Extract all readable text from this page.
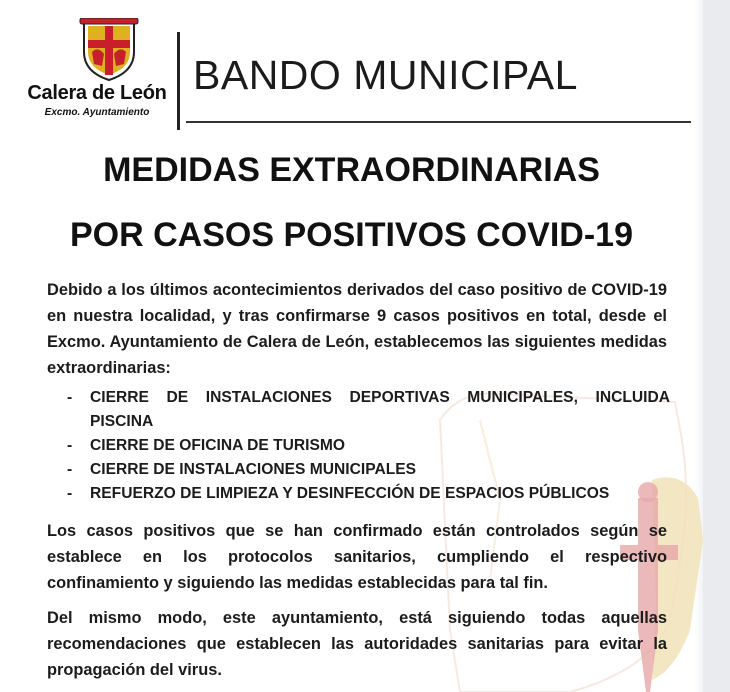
Calera de León
Excmo. Ayuntamiento
BANDO MUNICIPAL
MEDIDAS EXTRAORDINARIAS
POR CASOS POSITIVOS COVID-19

Debido a los últimos acontecimientos derivados del caso positivo de COVID-19 en nuestra localidad, y tras confirmarse 9 casos positivos en total, desde el Excmo. Ayuntamiento de Calera de León, establecemos las siguientes medidas extraordinarias:

- CIERRE DE INSTALACIONES DEPORTIVAS MUNICIPALES, INCLUIDA PISCINA
- CIERRE DE OFICINA DE TURISMO
- CIERRE DE INSTALACIONES MUNICIPALES
- REFUERZO DE LIMPIEZA Y DESINFECCIÓN DE ESPACIOS PÚBLICOS

Los casos positivos que se han confirmado están controlados según se establece en los protocolos sanitarios, cumpliendo el respectivo confinamiento y siguiendo las medidas establecidas para tal fin.

Del mismo modo, este ayuntamiento, está siguiendo todas aquellas recomendaciones que establecen las autoridades sanitarias para evitar la propagación del virus.
